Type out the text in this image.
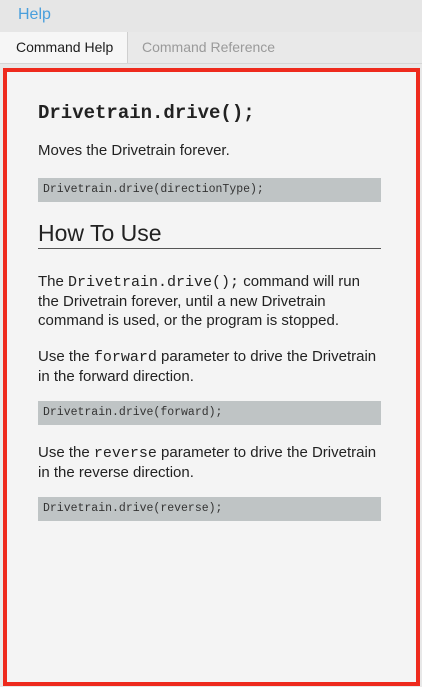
Help
Command Help	Command Reference
Drivetrain.drive();
Moves the Drivetrain forever.
Drivetrain.drive(directionType);
How To Use
The Drivetrain.drive(); command will run the Drivetrain forever, until a new Drivetrain command is used, or the program is stopped.
Use the forward parameter to drive the Drivetrain in the forward direction.
Drivetrain.drive(forward);
Use the reverse parameter to drive the Drivetrain in the reverse direction.
Drivetrain.drive(reverse);
